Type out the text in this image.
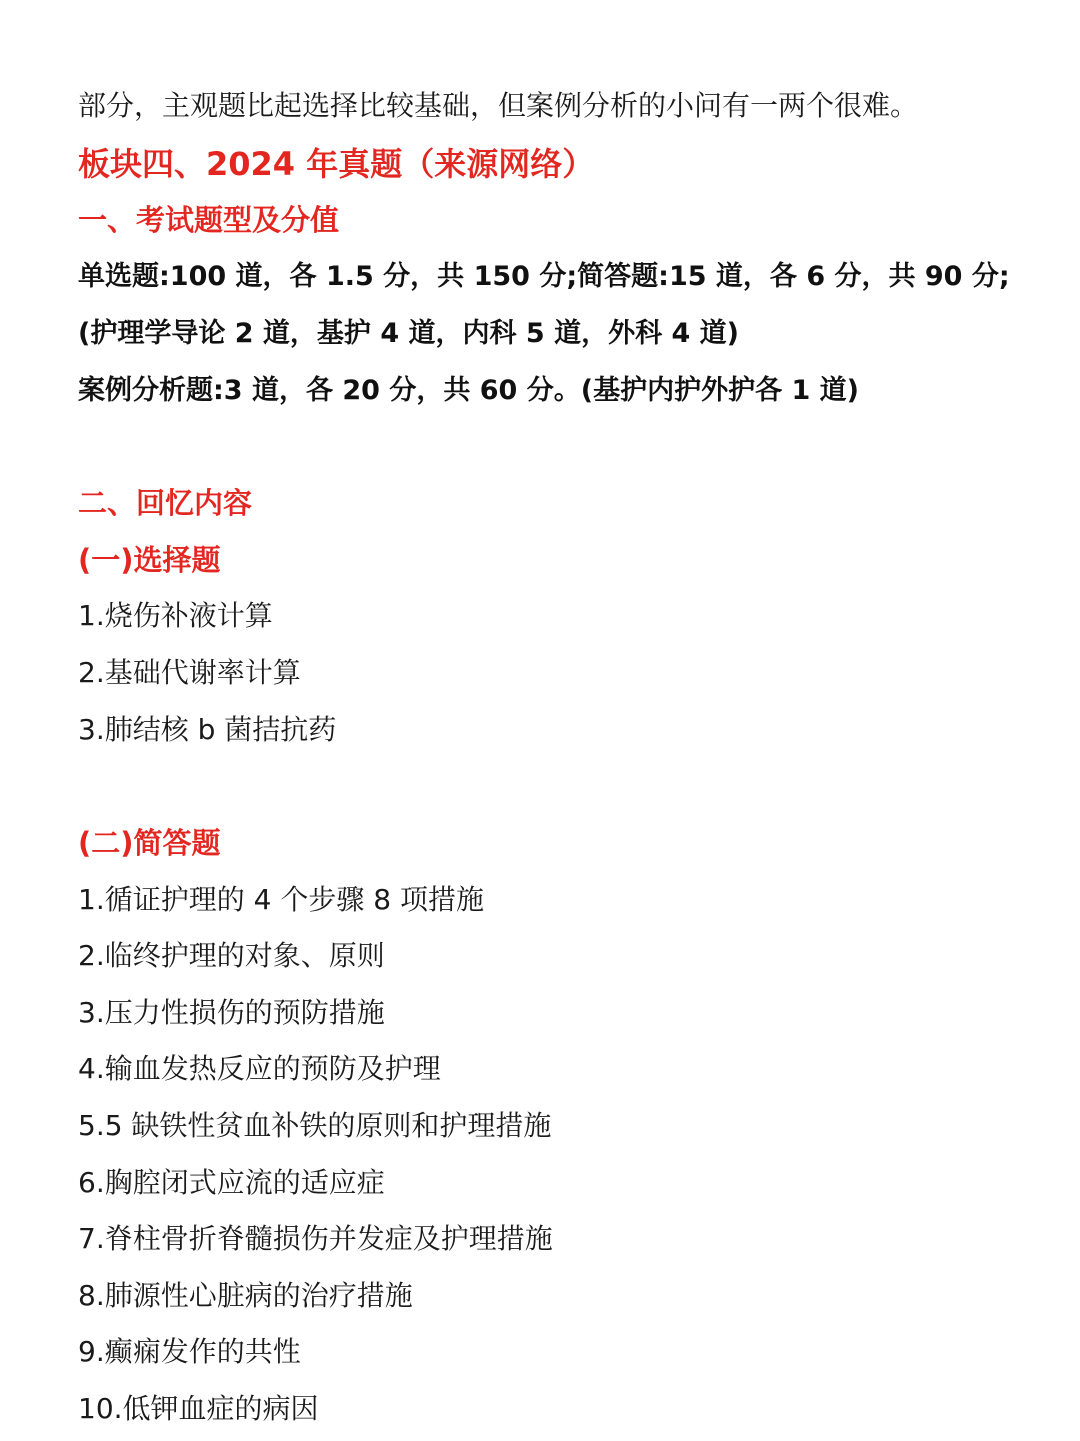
部分，主观题比起选择比较基础，但案例分析的小问有一两个很难。
板块四、2024 年真题（来源网络）
一、考试题型及分值
单选题:100 道，各 1.5 分，共 150 分;简答题:15 道，各 6 分，共 90 分;
(护理学导论 2 道，基护 4 道，内科 5 道，外科 4 道)
案例分析题:3 道，各 20 分，共 60 分。(基护内护外护各 1 道)
二、回忆内容
(一)选择题
1.烧伤补液计算
2.基础代谢率计算
3.肺结核 b 菌拮抗药
(二)简答题
1.循证护理的 4 个步骤 8 项措施
2.临终护理的对象、原则
3.压力性损伤的预防措施
4.输血发热反应的预防及护理
5.5 缺铁性贫血补铁的原则和护理措施
6.胸腔闭式应流的适应症
7.脊柱骨折脊髓损伤并发症及护理措施
8.肺源性心脏病的治疗措施
9.癫痫发作的共性
10.低钾血症的病因
